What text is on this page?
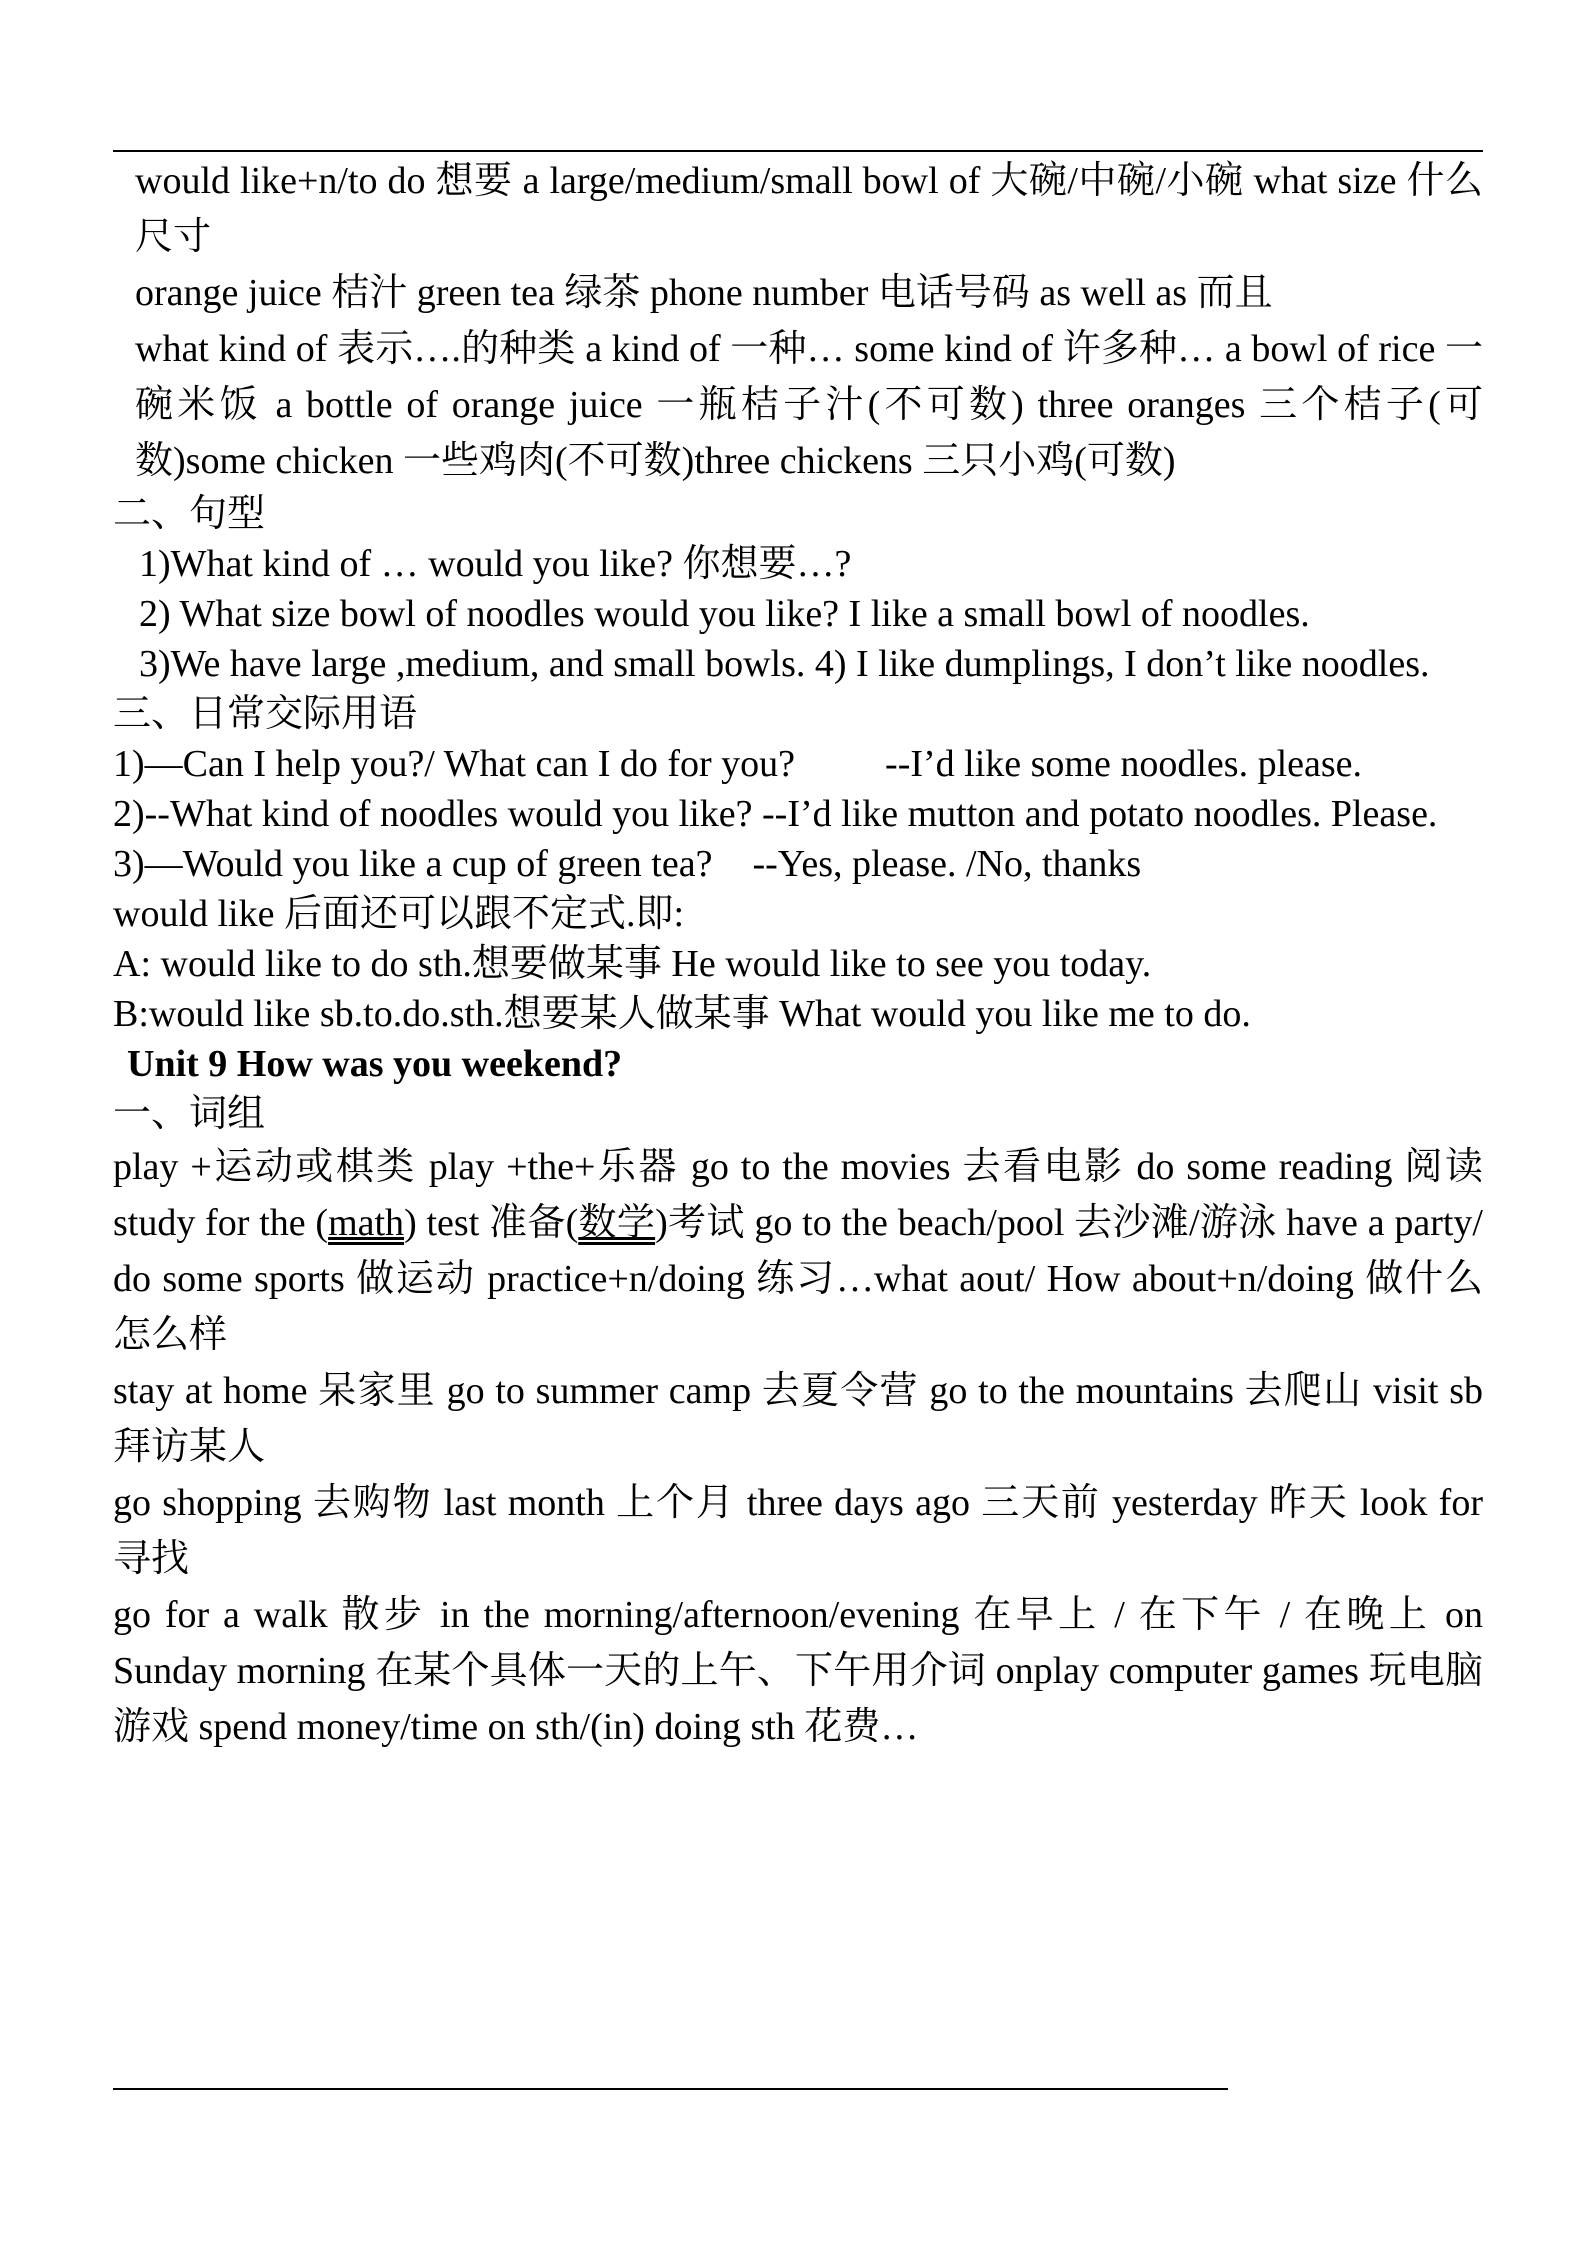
would like+n/to do 想要 a large/medium/small bowl of 大碗/中碗/小碗 what size 什么尺寸

orange juice 桔汁 green tea 绿茶 phone number 电话号码 as well as 而且

what kind of 表示….的种类 a kind of 一种… some kind of 许多种… a bowl of rice 一碗米饭 a bottle of orange juice 一瓶桔子汁(不可数) three oranges 三个桔子(可数)some chicken 一些鸡肉(不可数)three chickens 三只小鸡(可数)

二、句型

1)What kind of … would you like? 你想要…?

2) What size bowl of noodles would you like? I like a small bowl of noodles.

3)We have large ,medium, and small bowls. 4) I like dumplings, I don’t like noodles.

三、日常交际用语

1)—Can I help you?/ What can I do for you? --I’d like some noodles. please.

2)--What kind of noodles would you like? --I’d like mutton and potato noodles. Please.

3)—Would you like a cup of green tea? --Yes, please. /No, thanks

would like 后面还可以跟不定式.即:

A: would like to do sth.想要做某事 He would like to see you today.

B:would like sb.to.do.sth.想要某人做某事 What would you like me to do.

Unit 9 How was you weekend?

一、词组

play +运动或棋类 play +the+乐器 go to the movies 去看电影 do some reading 阅读 study for the (math) test 准备(数学)考试 go to the beach/pool 去沙滩/游泳 have a party/ do some sports 做运动 practice+n/doing 练习…what aout/ How about+n/doing 做什么怎么样

stay at home 呆家里 go to summer camp 去夏令营 go to the mountains 去爬山 visit sb 拜访某人

go shopping 去购物 last month 上个月 three days ago 三天前 yesterday 昨天 look for 寻找

go for a walk 散步 in the morning/afternoon/evening 在早上 / 在下午 / 在晚上 on Sunday morning 在某个具体一天的上午、下午用介词 onplay computer games 玩电脑游戏 spend money/time on sth/(in) doing sth 花费…
